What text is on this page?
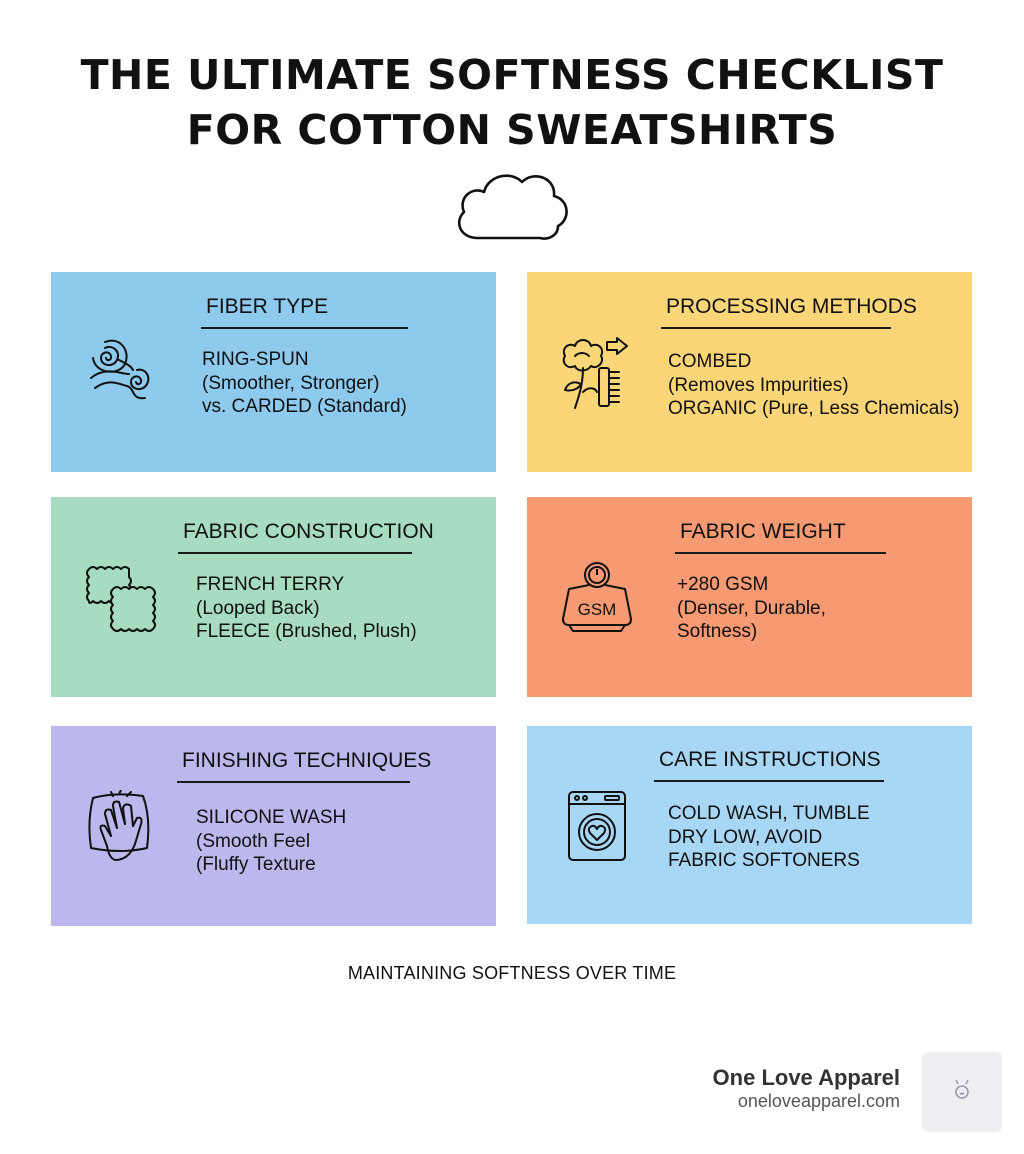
THE ULTIMATE SOFTNESS CHECKLIST
FOR COTTON SWEATSHIRTS
FIBER TYPE
RING-SPUN
(Smoother, Stronger)
vs. CARDED (Standard)
PROCESSING METHODS
COMBED
(Removes Impurities)
ORGANIC (Pure, Less Chemicals)
FABRIC CONSTRUCTION
FRENCH TERRY
(Looped Back)
FLEECE (Brushed, Plush)
FABRIC WEIGHT
GSM
+280 GSM
(Denser, Durable,
Softness)
FINISHING TECHNIQUES
SILICONE WASH
(Smooth Feel
(Fluffy Texture
CARE INSTRUCTIONS
COLD WASH, TUMBLE
DRY LOW, AVOID
FABRIC SOFTONERS
MAINTAINING SOFTNESS OVER TIME
One Love Apparel
oneloveapparel.com
